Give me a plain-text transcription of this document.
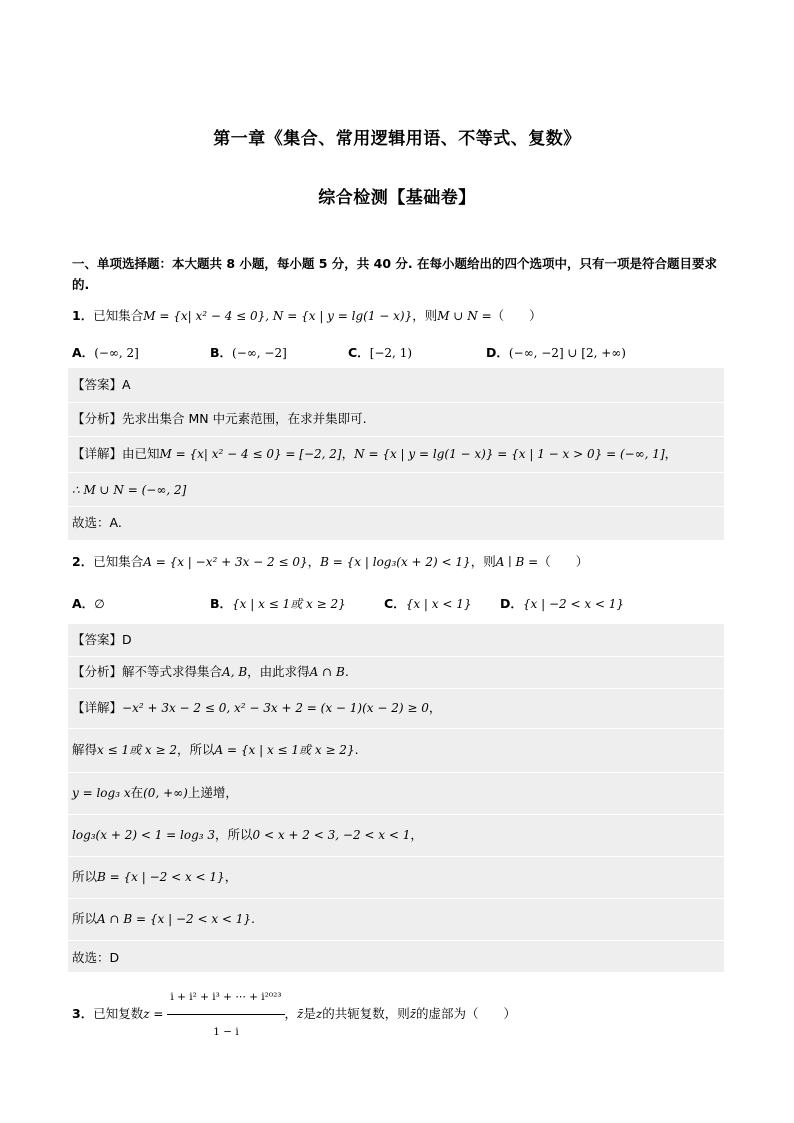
第一章《集合、常用逻辑用语、不等式、复数》
综合检测【基础卷】
一、单项选择题：本大题共 8 小题，每小题 5 分，共 40 分. 在每小题给出的四个选项中，只有一项是符合题目要求的.
1．已知集合M = {x| x² − 4 ≤ 0}, N = {x | y = lg(1 − x)}，则M ∪ N =（　　）
A．(−∞, 2]	B．(−∞, −2]	C．[−2, 1)	D．(−∞, −2] ∪ [2, +∞)
【答案】A
【分析】先求出集合 MN 中元素范围，在求并集即可.
【详解】由已知M = {x| x² − 4 ≤ 0} = [−2, 2]，N = {x | y = lg(1 − x)} = {x | 1 − x > 0} = (−∞, 1]，
∴ M ∪ N = (−∞, 2]
故选：A.
2．已知集合A = {x | −x² + 3x − 2 ≤ 0}，B = {x | log₃(x + 2) < 1}，则A ∣ B =（　　）
A．∅	B．{x | x ≤ 1或 x ≥ 2}	C．{x | x < 1} D．{x | −2 < x < 1}
【答案】D
【分析】解不等式求得集合A, B，由此求得A ∩ B.
【详解】−x² + 3x − 2 ≤ 0, x² − 3x + 2 = (x − 1)(x − 2) ≥ 0，
解得x ≤ 1或 x ≥ 2，所以A = {x | x ≤ 1或 x ≥ 2}.
y = log₃ x在(0, +∞)上递增，
log₃(x + 2) < 1 = log₃ 3，所以0 < x + 2 < 3, −2 < x < 1，
所以B = {x | −2 < x < 1}，
所以A ∩ B = {x | −2 < x < 1}.
故选：D
3．已知复数$z = \frac{\text{i + i² + i³ + ⋯ + i²⁰²³}}{1 - i}$ ，z̄是z的共轭复数，则z̄的虚部为（　　）
